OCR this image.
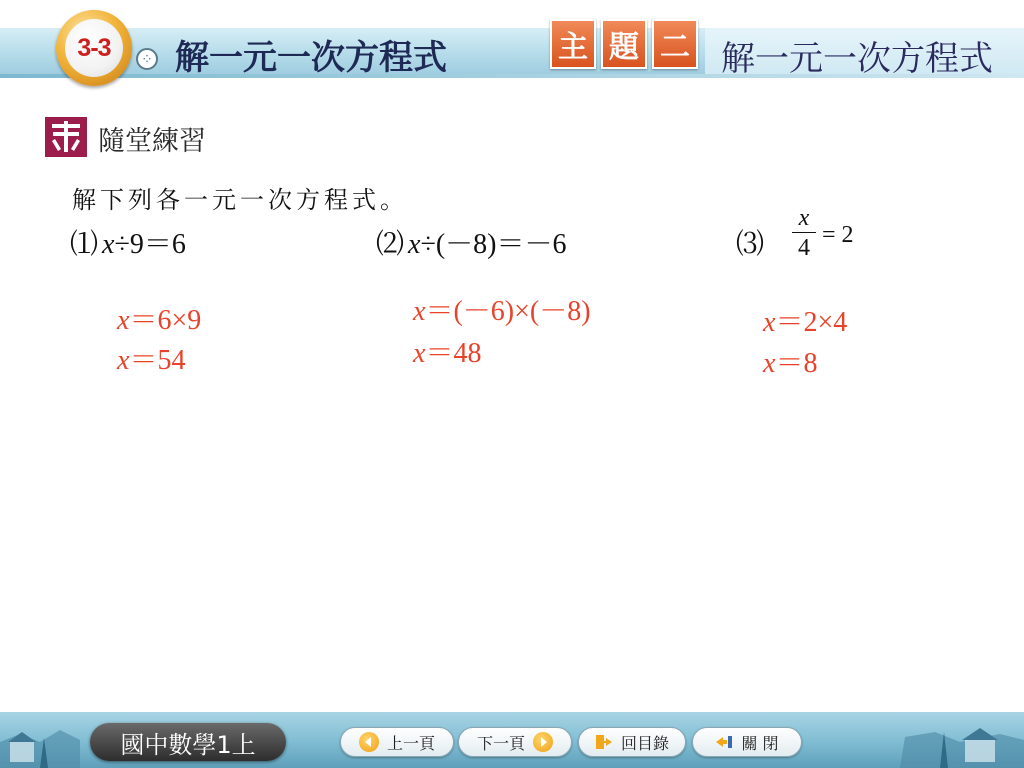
3-3	⁘ 解一元一次方程式	主 題 二 解一元一次方程式
隨堂練習
解下列各一元一次方程式。
⑴ x÷9＝6	⑵ x÷(－8)＝－6	⑶
x
4 = 2
x＝6×9
x＝54
x＝(－6)×(－8)
x＝48
x＝2×4
x＝8
國中數學1上	上一頁	下一頁	回目錄	關 閉
